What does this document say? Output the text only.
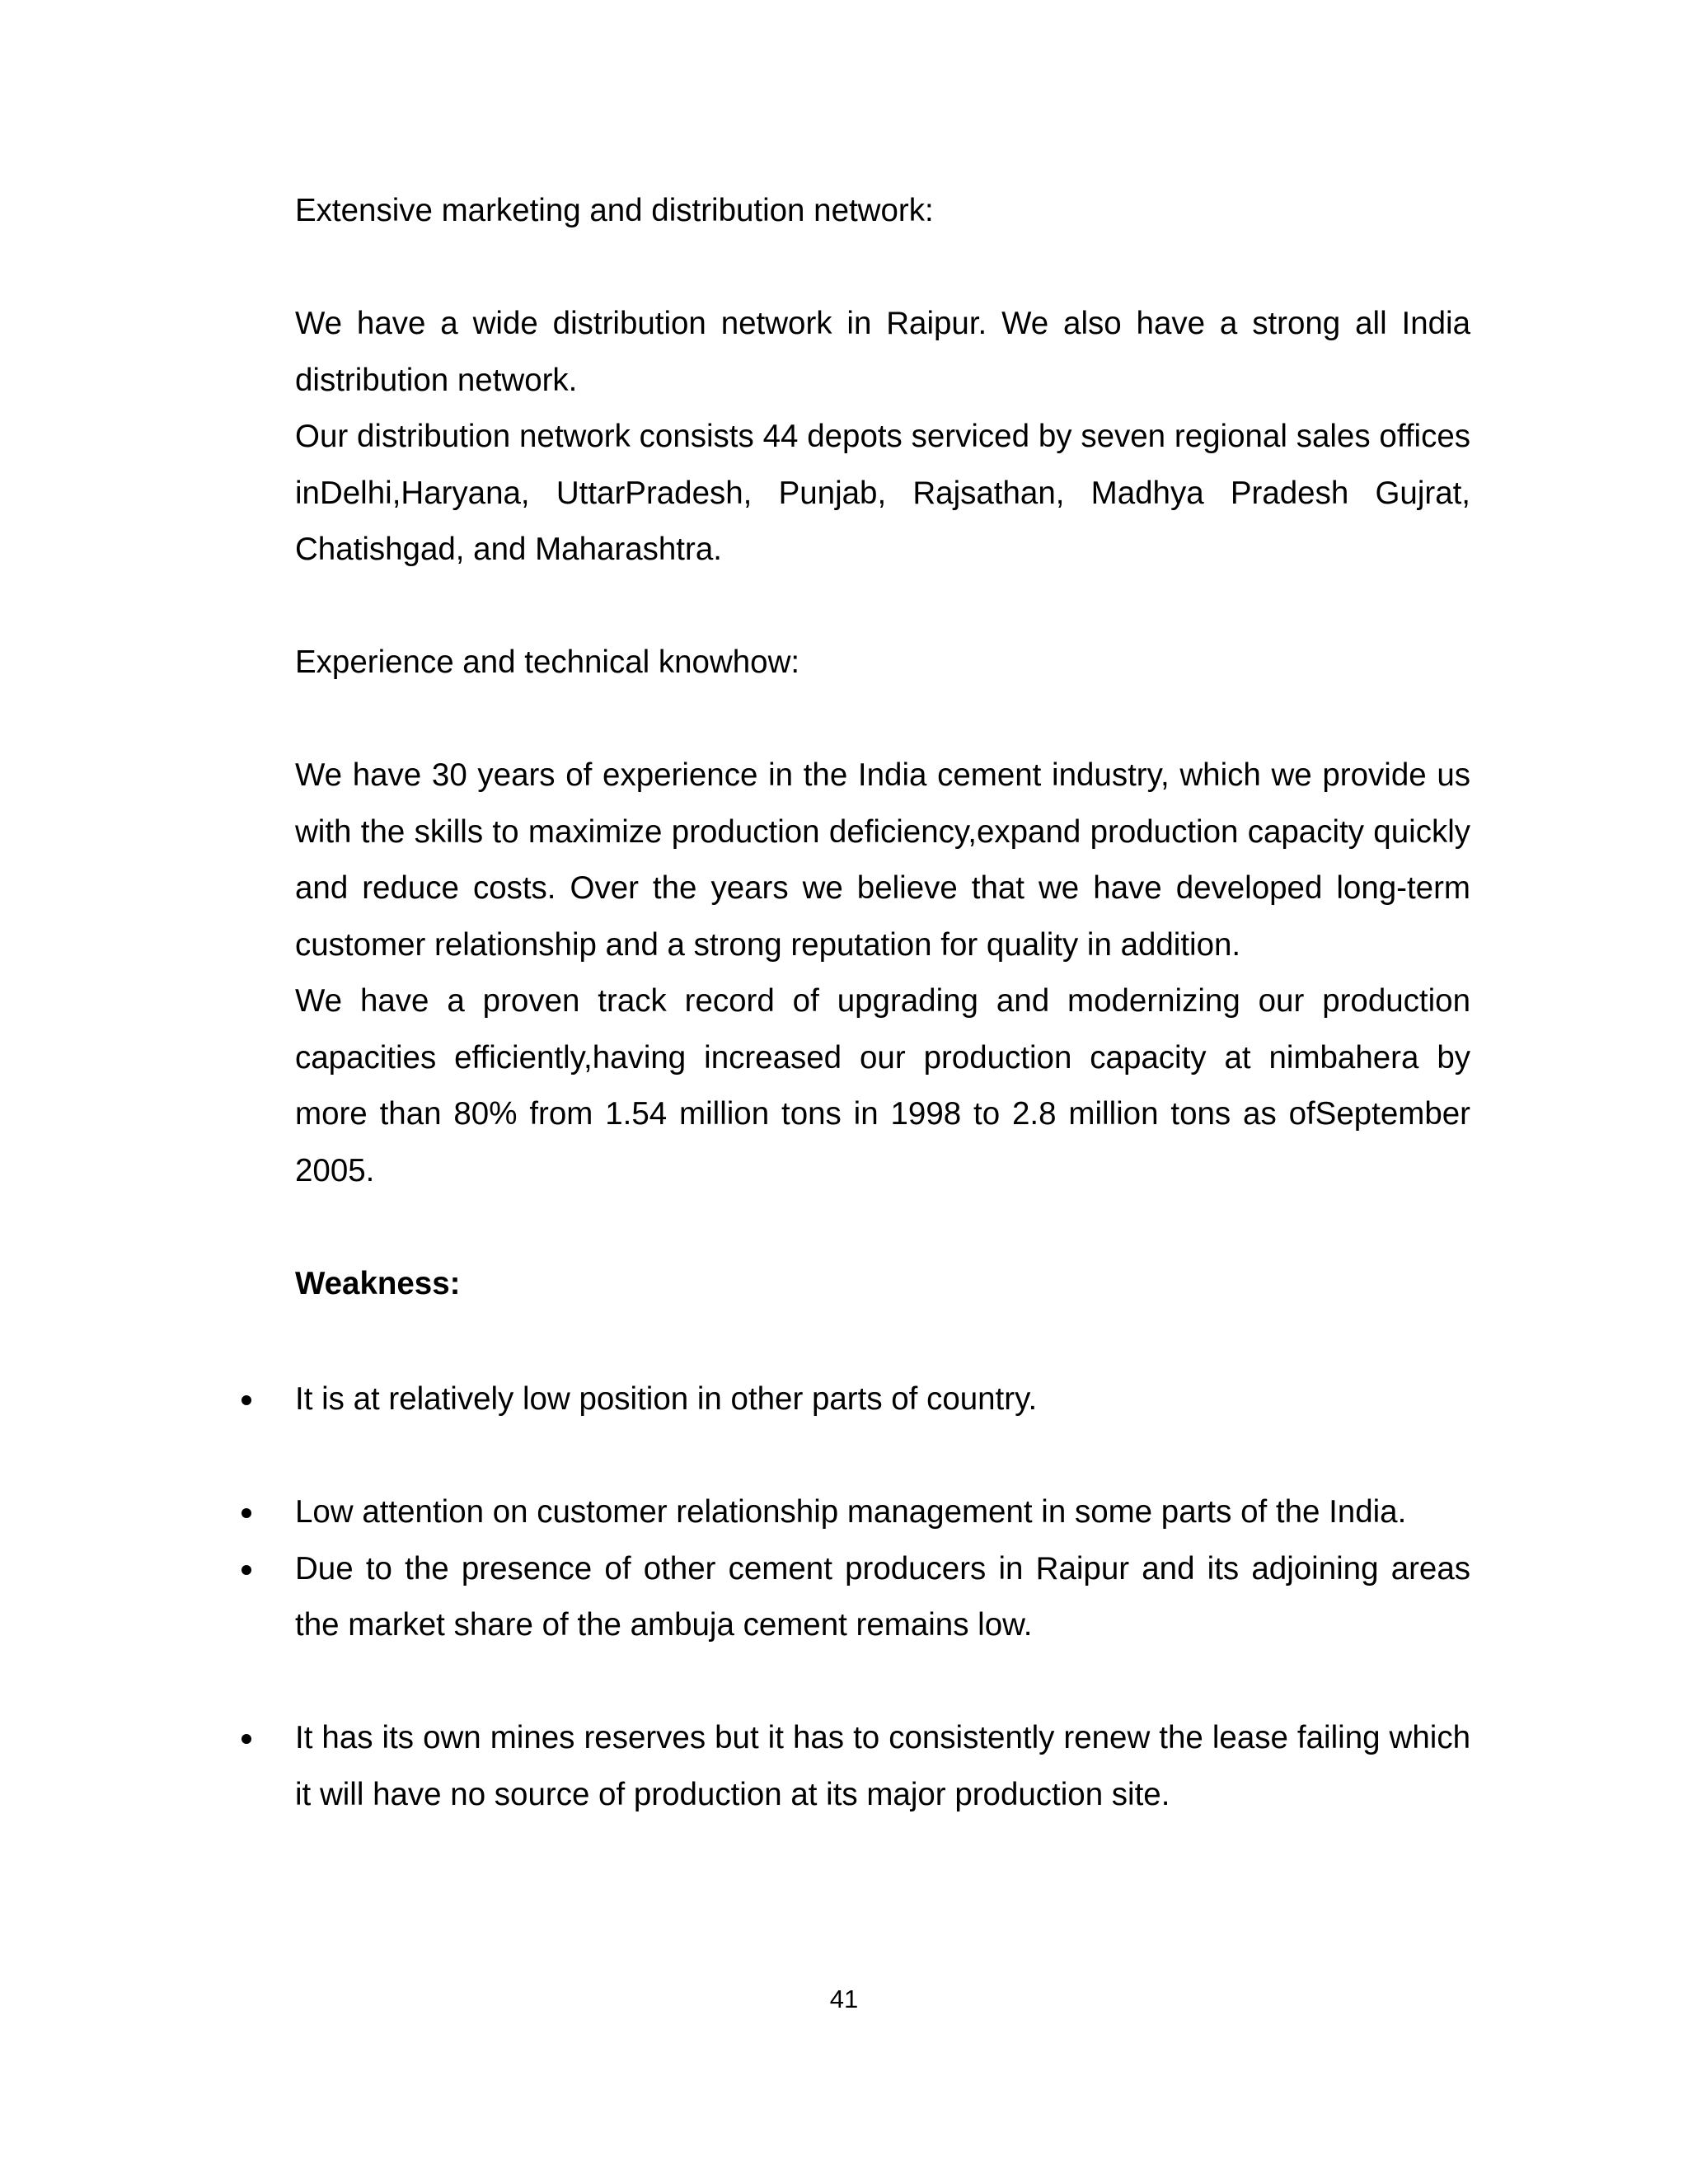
Extensive marketing and distribution network:

We have a wide distribution network in Raipur. We also have a strong all India distribution network.

Our distribution network consists 44 depots serviced by seven regional sales offices inDelhi,Haryana, UttarPradesh, Punjab, Rajsathan, Madhya Pradesh Gujrat, Chatishgad, and Maharashtra.

Experience and technical knowhow:

We have 30 years of experience in the India cement industry, which we provide us with the skills to maximize production deficiency,expand production capacity quickly and reduce costs. Over the years we believe that we have developed long-term customer relationship and a strong reputation for quality in addition.

We have a proven track record of upgrading and modernizing our production capacities efficiently,having increased our production capacity at nimbahera by more than 80% from 1.54 million tons in 1998 to 2.8 million tons as ofSeptember 2005.

Weakness:

It is at relatively low position in other parts of country.
Low attention on customer relationship management in some parts of the India.
Due to the presence of other cement producers in Raipur and its adjoining areas the market share of the ambuja cement remains low.
It has its own mines reserves but it has to consistently renew the lease failing which it will have no source of production at its major production site.
41
